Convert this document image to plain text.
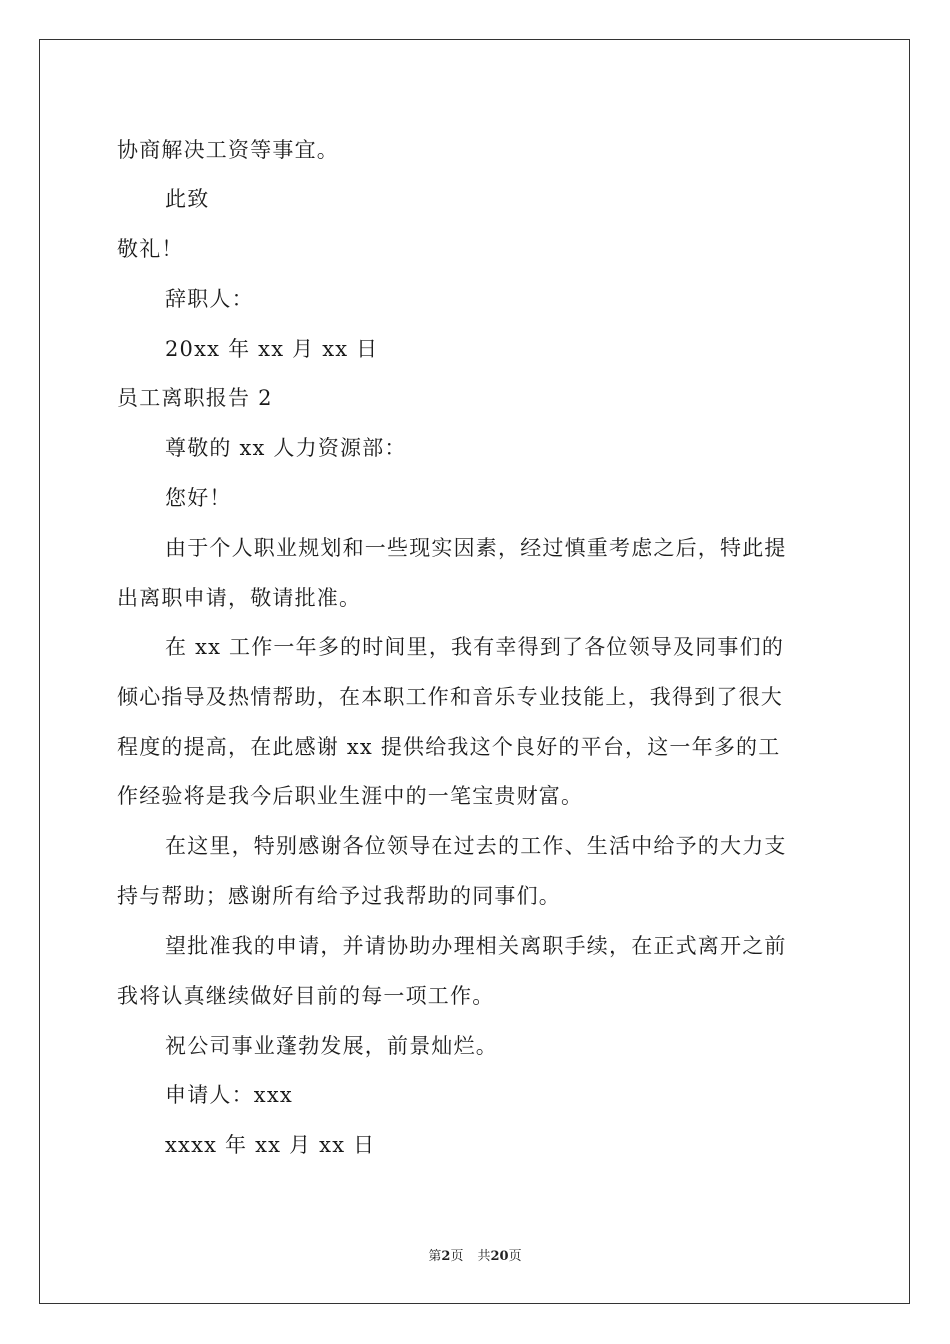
协商解决工资等事宜。
此致
敬礼！
辞职人：
20xx 年 xx 月 xx 日
员工离职报告 2
尊敬的 xx 人力资源部：
您好！
由于个人职业规划和一些现实因素，经过慎重考虑之后，特此提
出离职申请，敬请批准。
在 xx 工作一年多的时间里，我有幸得到了各位领导及同事们的
倾心指导及热情帮助，在本职工作和音乐专业技能上，我得到了很大
程度的提高，在此感谢 xx 提供给我这个良好的平台，这一年多的工
作经验将是我今后职业生涯中的一笔宝贵财富。
在这里，特别感谢各位领导在过去的工作、生活中给予的大力支
持与帮助；感谢所有给予过我帮助的同事们。
望批准我的申请，并请协助办理相关离职手续，在正式离开之前
我将认真继续做好目前的每一项工作。
祝公司事业蓬勃发展，前景灿烂。
申请人：xxx
xxxx 年 xx 月 xx 日
第2页 共20页
